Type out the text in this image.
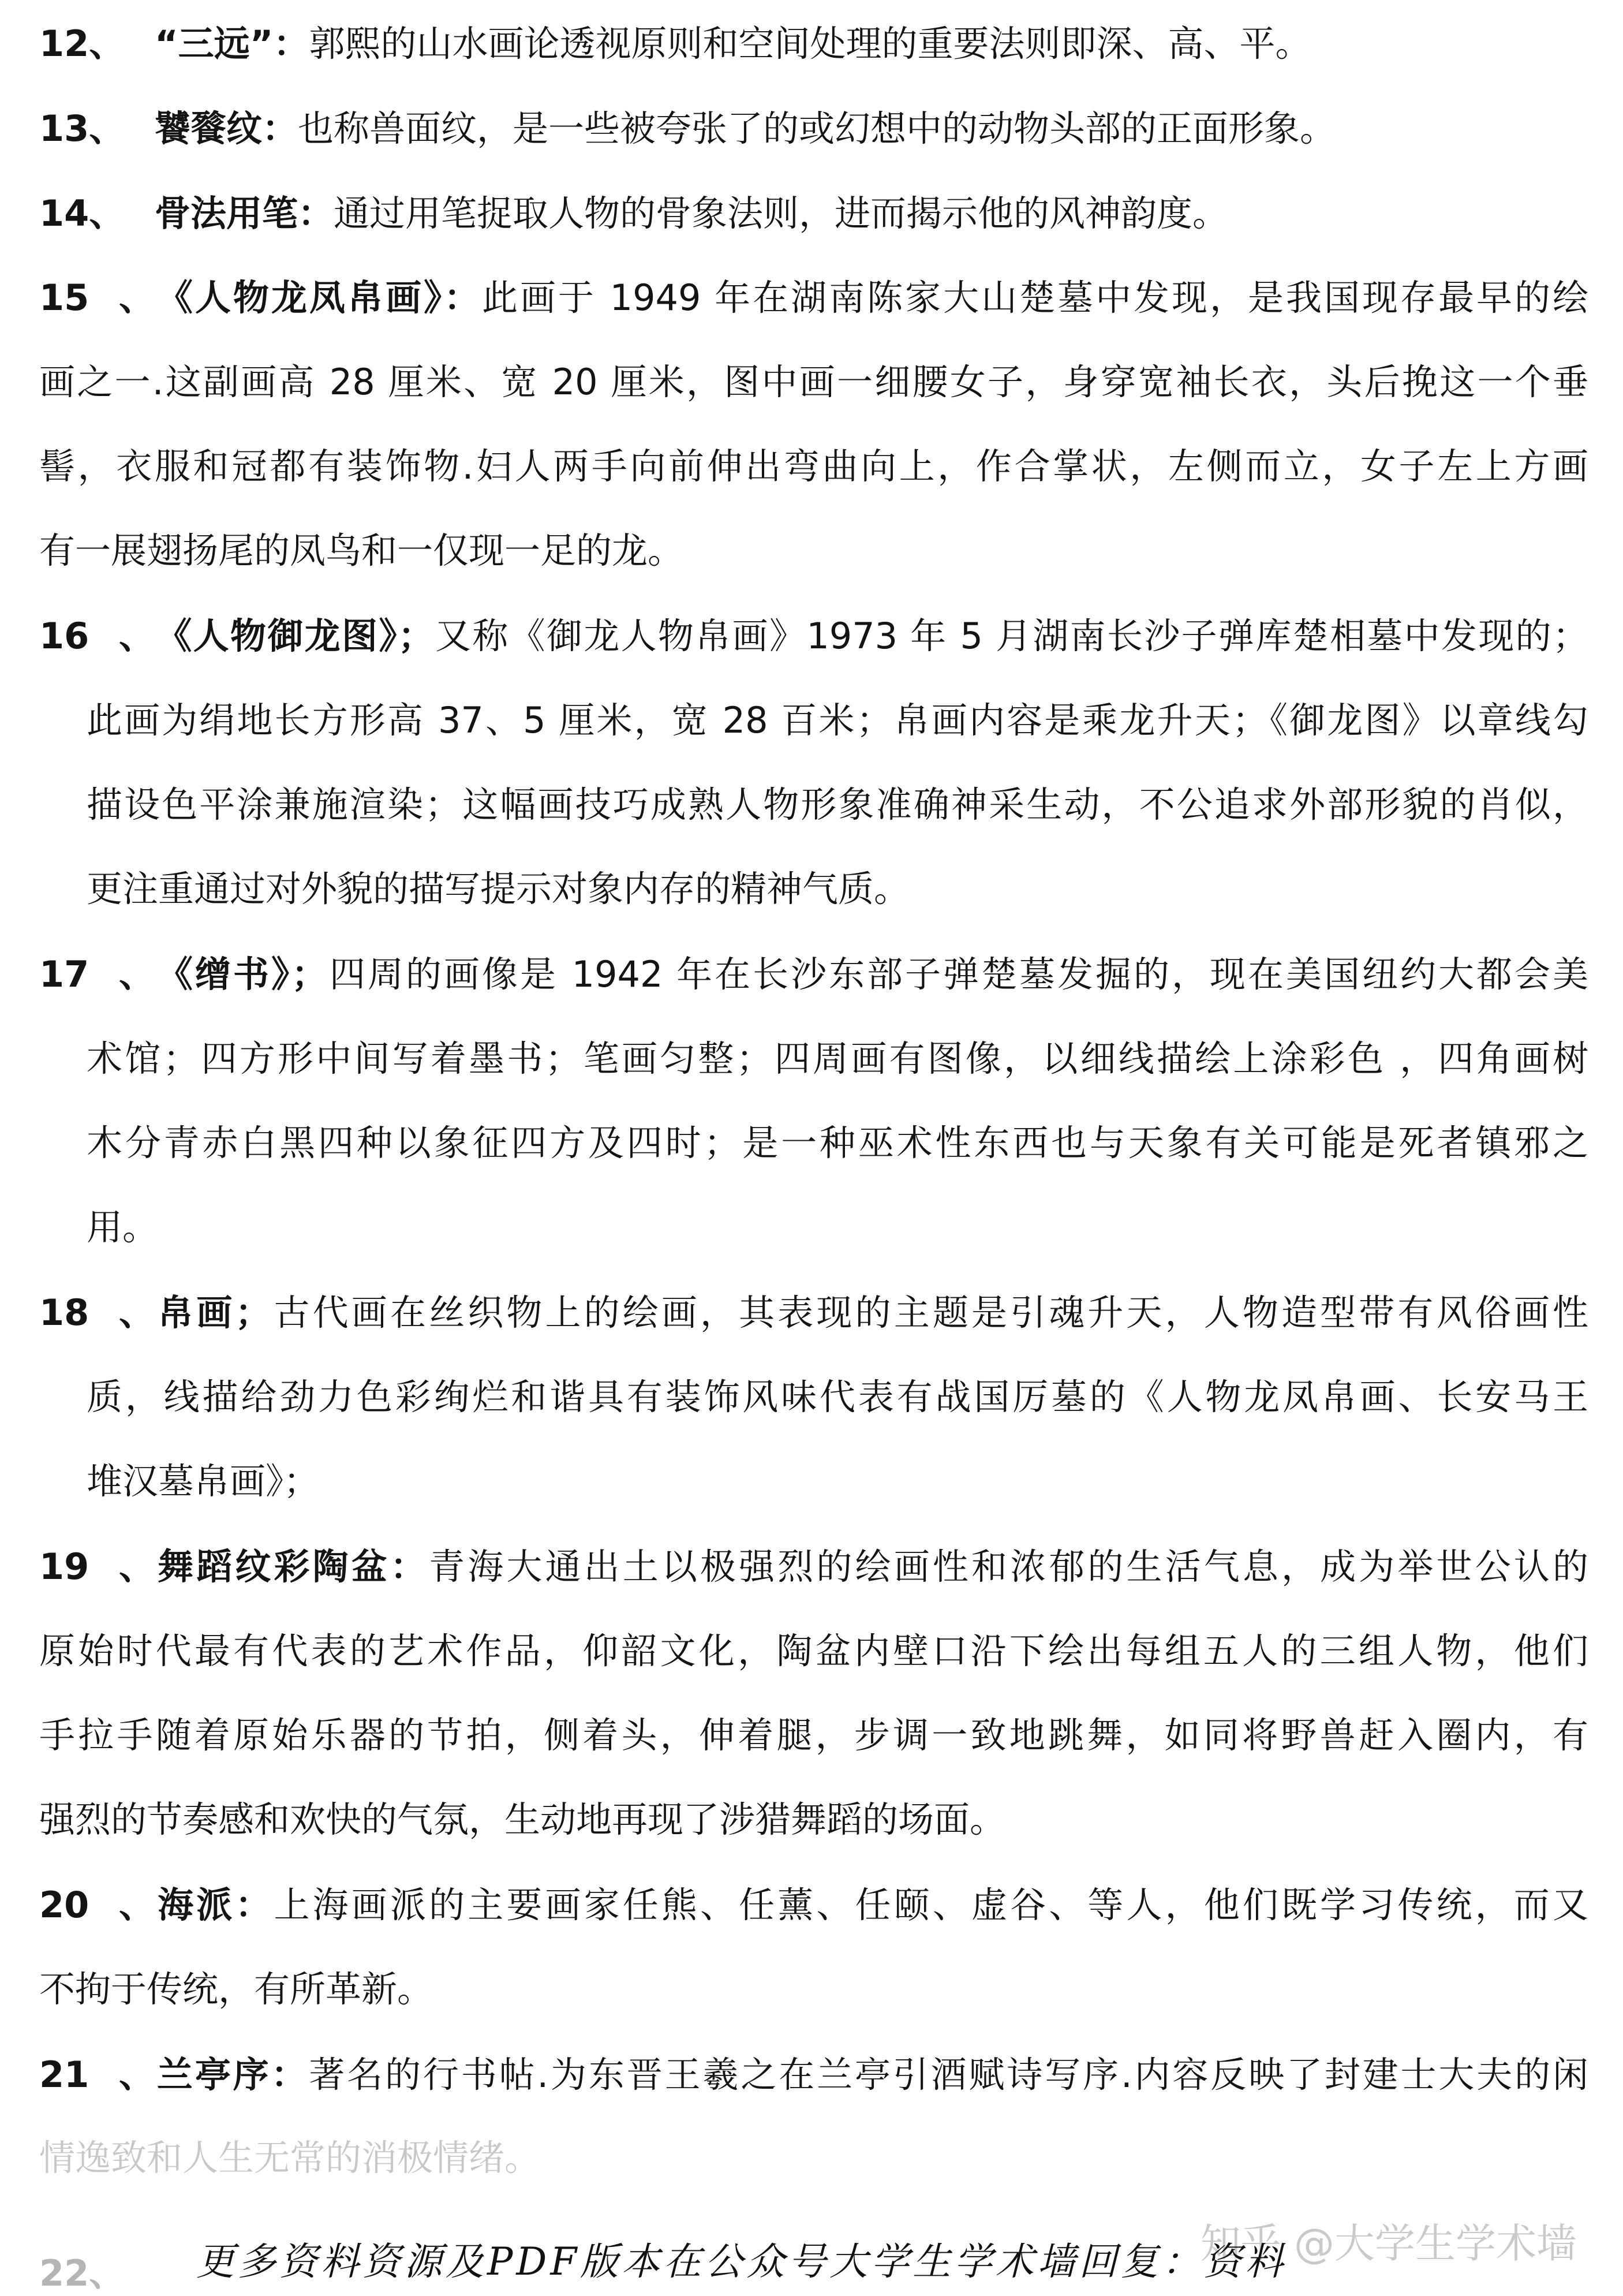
12、 “三远”：郭熙的山水画论透视原则和空间处理的重要法则即深、高、平。
13、 饕餮纹：也称兽面纹，是一些被夸张了的或幻想中的动物头部的正面形象。
14、 骨法用笔：通过用笔捉取人物的骨象法则，进而揭示他的风神韵度。
15、《人物龙凤帛画》：此画于 1949 年在湖南陈家大山楚墓中发现，是我国现存最早的绘
画之一.这副画高 28 厘米、宽 20 厘米，图中画一细腰女子，身穿宽袖长衣，头后挽这一个垂
髻，衣服和冠都有装饰物.妇人两手向前伸出弯曲向上，作合掌状，左侧而立，女子左上方画
有一展翅扬尾的凤鸟和一仅现一足的龙。
16、《人物御龙图》；又称《御龙人物帛画》1973 年 5 月湖南长沙子弹库楚相墓中发现的；
此画为绢地长方形高 37、5 厘米，宽 28 百米；帛画内容是乘龙升天；《御龙图》以章线勾
描设色平涂兼施渲染；这幅画技巧成熟人物形象准确神采生动，不公追求外部形貌的肖似，
更注重通过对外貌的描写提示对象内存的精神气质。
17、《缯书》；四周的画像是 1942 年在长沙东部子弹楚墓发掘的，现在美国纽约大都会美
术馆；四方形中间写着墨书；笔画匀整；四周画有图像，以细线描绘上涂彩色 ，四角画树
木分青赤白黑四种以象征四方及四时；是一种巫术性东西也与天象有关可能是死者镇邪之
用。
18、帛画；古代画在丝织物上的绘画，其表现的主题是引魂升天，人物造型带有风俗画性
质，线描给劲力色彩绚烂和谐具有装饰风味代表有战国厉墓的《人物龙凤帛画、长安马王
堆汉墓帛画》；
19、舞蹈纹彩陶盆：青海大通出土以极强烈的绘画性和浓郁的生活气息，成为举世公认的
原始时代最有代表的艺术作品，仰韶文化，陶盆内壁口沿下绘出每组五人的三组人物，他们
手拉手随着原始乐器的节拍，侧着头，伸着腿，步调一致地跳舞，如同将野兽赶入圈内，有
强烈的节奏感和欢快的气氛，生动地再现了涉猎舞蹈的场面。
20、海派：上海画派的主要画家任熊、任薰、任颐、虚谷、等人，他们既学习传统，而又
不拘于传统，有所革新。
21、兰亭序：著名的行书帖.为东晋王羲之在兰亭引酒赋诗写序.内容反映了封建士大夫的闲
情逸致和人生无常的消极情绪。
22、
知乎 @大学生学术墙
更多资料资源及PDF版本在公众号大学生学术墙回复：资料
